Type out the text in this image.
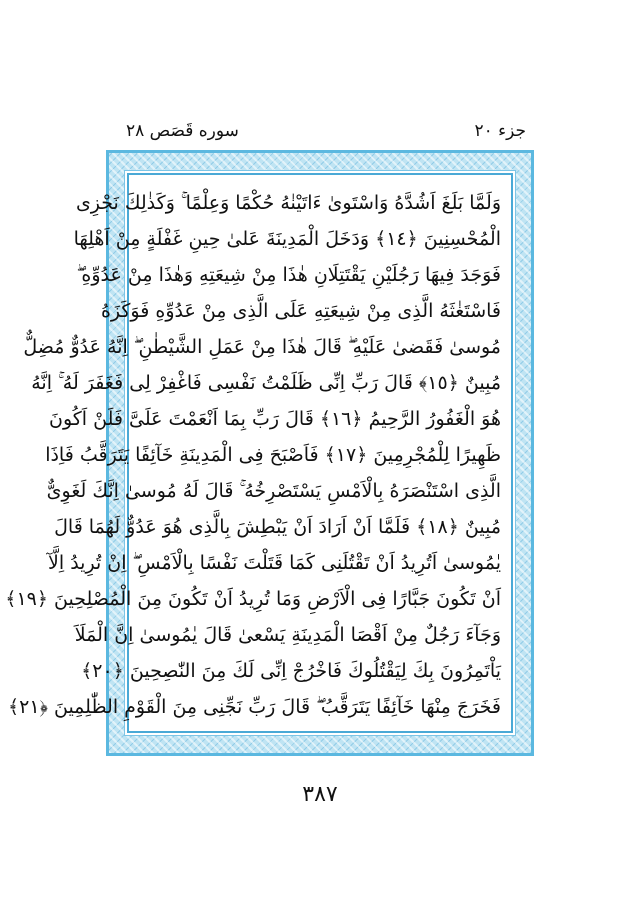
جزء ٢٠
سوره قَصَص ٢٨
وَلَمَّا بَلَغَ اَشُدَّهُ وَاسْتَوىٰ ءَاتَيْنٰهُ حُكْمًا وَعِلْمًا ۚ وَكَذٰلِكَ نَجْزِى
الْمُحْسِنِينَ ﴿١٤﴾ وَدَخَلَ الْمَدِينَةَ عَلىٰ حِينِ غَفْلَةٍ مِنْ اَهْلِهَا
فَوَجَدَ فِيهَا رَجُلَيْنِ يَقْتَتِلَانِ هٰذَا مِنْ شِيعَتِهِ وَهٰذَا مِنْ عَدُوِّهِ ۖ
فَاسْتَغٰثَهُ الَّذِى مِنْ شِيعَتِهِ عَلَى الَّذِى مِنْ عَدُوِّهِ فَوَكَزَهُ
مُوسىٰ فَقَضىٰ عَلَيْهِ ۖ قَالَ هٰذَا مِنْ عَمَلِ الشَّيْطٰنِ ۖ اِنَّهُ عَدُوٌّ مُضِلٌّ
مُبِينٌ ﴿١٥﴾ قَالَ رَبِّ اِنِّى ظَلَمْتُ نَفْسِى فَاغْفِرْ لِى فَغَفَرَ لَهُ ۚ اِنَّهُ
هُوَ الْغَفُورُ الرَّحِيمُ ﴿١٦﴾ قَالَ رَبِّ بِمَا اَنْعَمْتَ عَلَىَّ فَلَنْ اَكُونَ
ظَهِيرًا لِلْمُجْرِمِينَ ﴿١٧﴾ فَاَصْبَحَ فِى الْمَدِينَةِ خَآئِفًا يَتَرَقَّبُ فَاِذَا
الَّذِى اسْتَنْصَرَهُ بِالْاَمْسِ يَسْتَصْرِخُهُ ۚ قَالَ لَهُ مُوسىٰ اِنَّكَ لَغَوِىٌّ
مُبِينٌ ﴿١٨﴾ فَلَمَّا اَنْ اَرَادَ اَنْ يَبْطِشَ بِالَّذِى هُوَ عَدُوٌّ لَهُمَا قَالَ
يٰمُوسىٰ اَتُرِيدُ اَنْ تَقْتُلَنِى كَمَا قَتَلْتَ نَفْسًا بِالْاَمْسِ ۖ اِنْ تُرِيدُ اِلَّآ
اَنْ تَكُونَ جَبَّارًا فِى الْاَرْضِ وَمَا تُرِيدُ اَنْ تَكُونَ مِنَ الْمُصْلِحِينَ ﴿١٩﴾
وَجَآءَ رَجُلٌ مِنْ اَقْصَا الْمَدِينَةِ يَسْعىٰ قَالَ يٰمُوسىٰ اِنَّ الْمَلَاَ
يَاْتَمِرُونَ بِكَ لِيَقْتُلُوكَ فَاخْرُجْ اِنِّى لَكَ مِنَ النّٰصِحِينَ ﴿٢٠﴾
فَخَرَجَ مِنْهَا خَآئِفًا يَتَرَقَّبُ ۖ قَالَ رَبِّ نَجِّنِى مِنَ الْقَوْمِ الظّٰلِمِينَ ﴿٢١﴾
٣٨٧
